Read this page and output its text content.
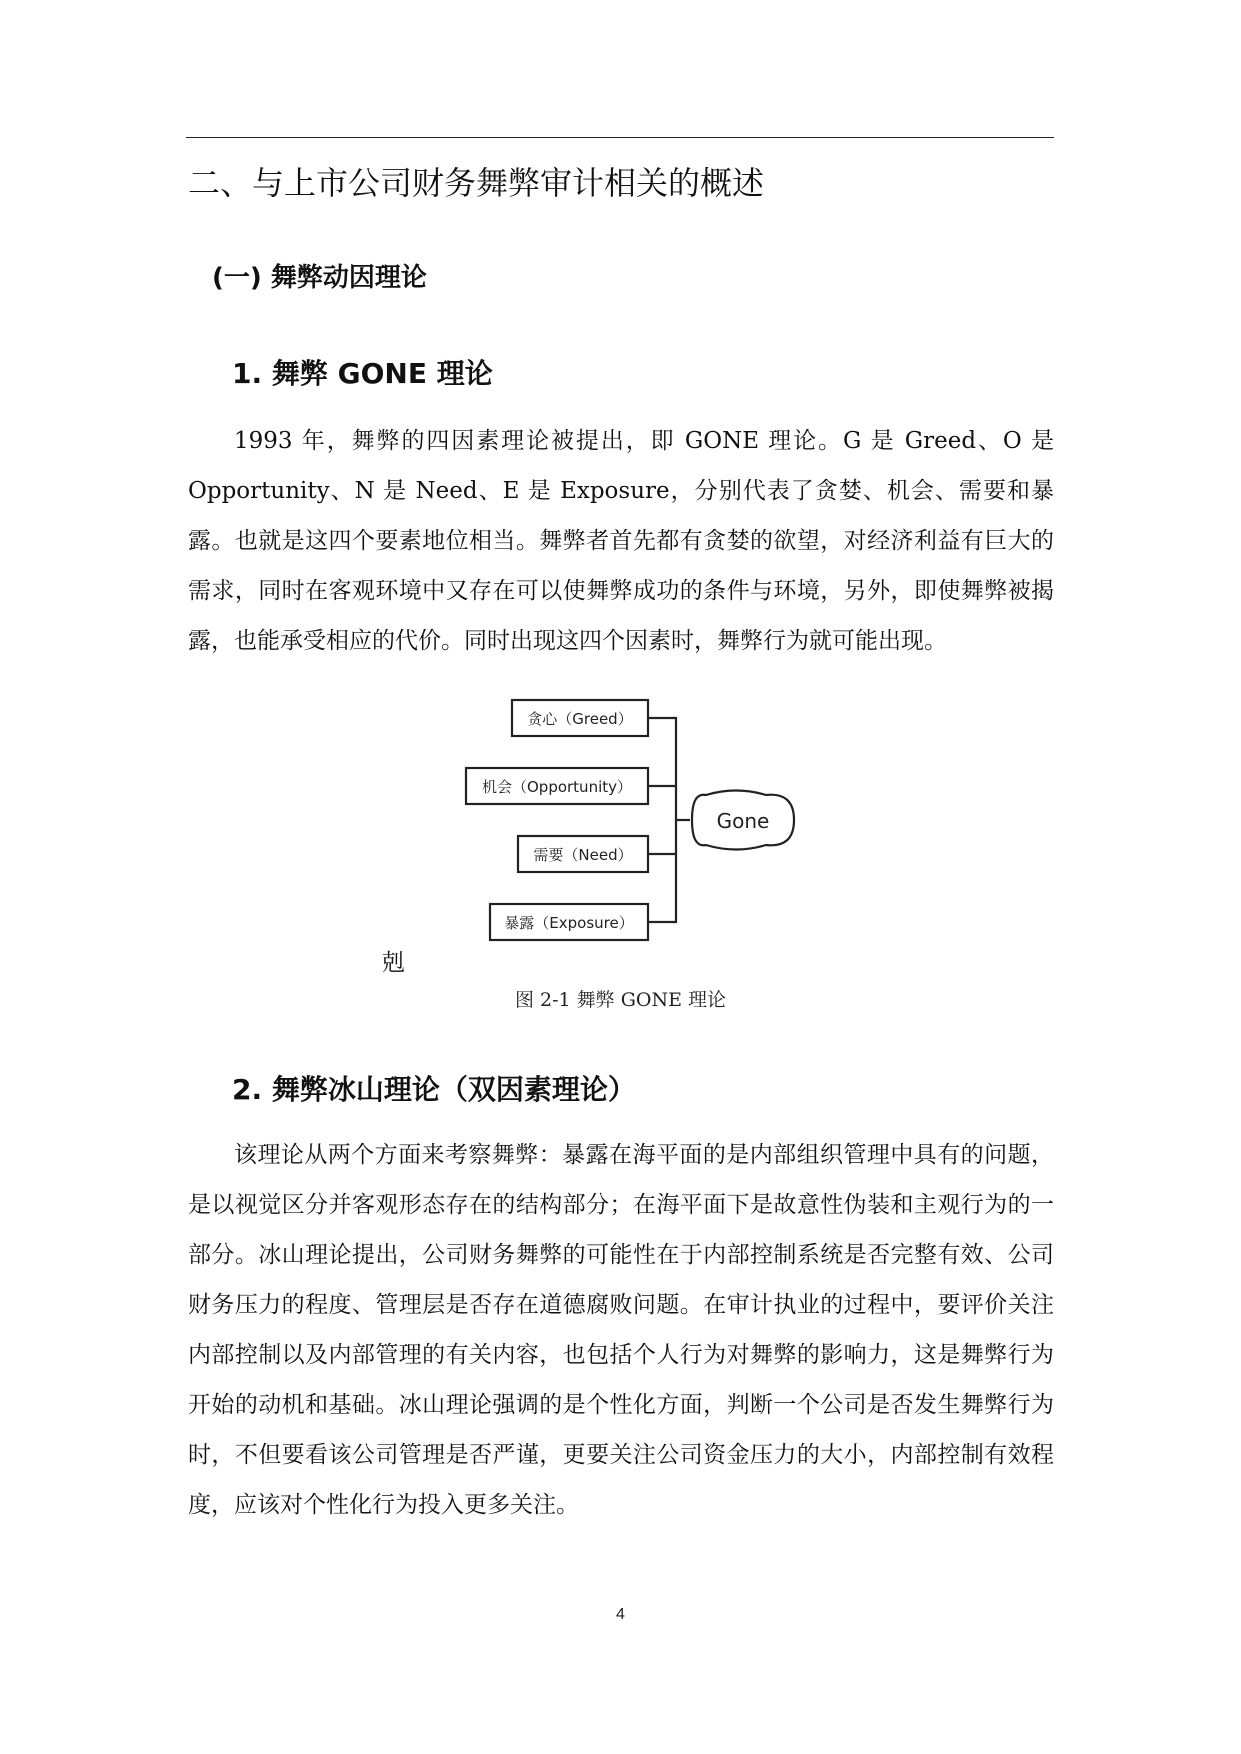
二、与上市公司财务舞弊审计相关的概述
(一) 舞弊动因理论
1. 舞弊 GONE 理论

1993 年，舞弊的四因素理论被提出，即 GONE 理论。G 是 Greed、O 是 Opportunity、N 是 Need、E 是 Exposure，分别代表了贪婪、机会、需要和暴露。也就是这四个要素地位相当。舞弊者首先都有贪婪的欲望，对经济利益有巨大的需求，同时在客观环境中又存在可以使舞弊成功的条件与环境，另外，即使舞弊被揭露，也能承受相应的代价。同时出现这四个因素时，舞弊行为就可能出现。

贪心（Greed）
机会（Opportunity）
需要（Need）
暴露（Exposure）
Gone
剋
图 2-1 舞弊 GONE 理论
2. 舞弊冰山理论（双因素理论）

该理论从两个方面来考察舞弊：暴露在海平面的是内部组织管理中具有的问题，是以视觉区分并客观形态存在的结构部分；在海平面下是故意性伪装和主观行为的一部分。冰山理论提出，公司财务舞弊的可能性在于内部控制系统是否完整有效、公司财务压力的程度、管理层是否存在道德腐败问题。在审计执业的过程中，要评价关注内部控制以及内部管理的有关内容，也包括个人行为对舞弊的影响力，这是舞弊行为开始的动机和基础。冰山理论强调的是个性化方面，判断一个公司是否发生舞弊行为时，不但要看该公司管理是否严谨，更要关注公司资金压力的大小，内部控制有效程度，应该对个性化行为投入更多关注。

4
